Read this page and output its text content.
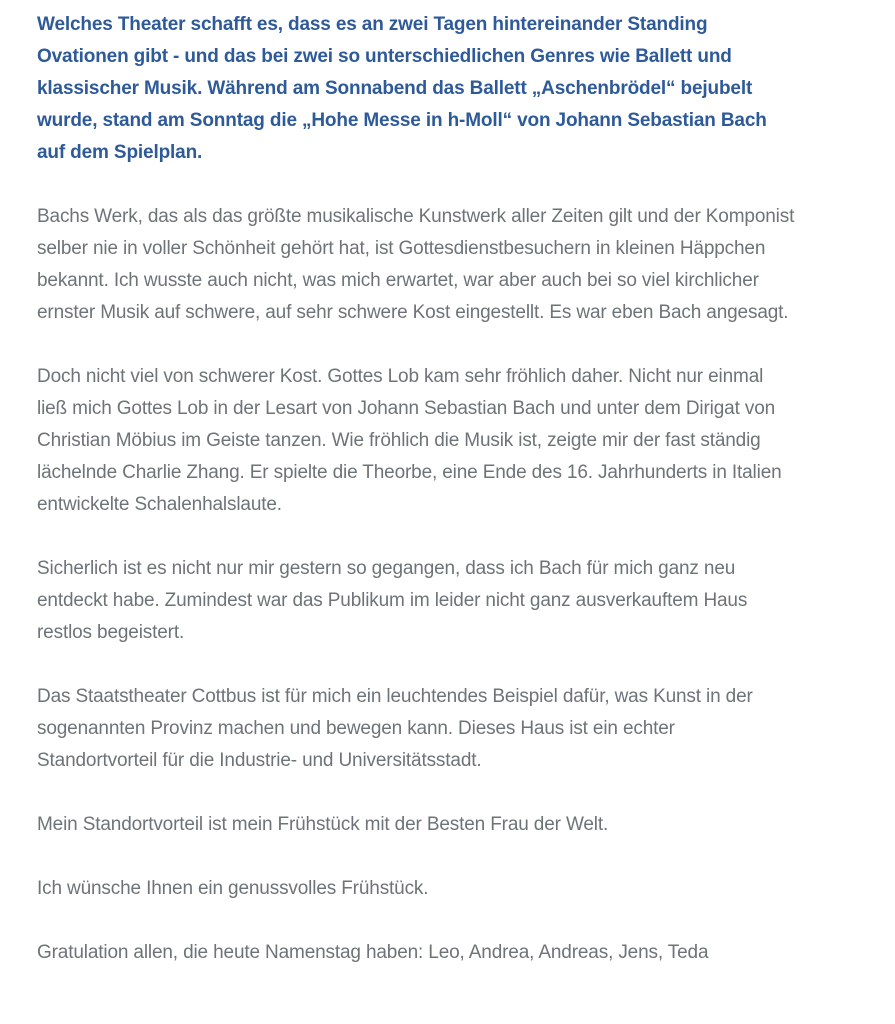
Welches Theater schafft es, dass es an zwei Tagen hintereinander Standing Ovationen gibt - und das bei zwei so unterschiedlichen Genres wie Ballett und klassischer Musik. Während am Sonnabend das Ballett „Aschenbrödel“ bejubelt wurde, stand am Sonntag die „Hohe Messe in h-Moll“ von Johann Sebastian Bach auf dem Spielplan.

Bachs Werk, das als das größte musikalische Kunstwerk aller Zeiten gilt und der Komponist selber nie in voller Schönheit gehört hat, ist Gottesdienstbesuchern in kleinen Häppchen bekannt. Ich wusste auch nicht, was mich erwartet, war aber auch bei so viel kirchlicher ernster Musik auf schwere, auf sehr schwere Kost eingestellt. Es war eben Bach angesagt.

Doch nicht viel von schwerer Kost. Gottes Lob kam sehr fröhlich daher. Nicht nur einmal ließ mich Gottes Lob in der Lesart von Johann Sebastian Bach und unter dem Dirigat von Christian Möbius im Geiste tanzen. Wie fröhlich die Musik ist, zeigte mir der fast ständig lächelnde Charlie Zhang. Er spielte die Theorbe, eine Ende des 16. Jahrhunderts in Italien entwickelte Schalenhalslaute.

Sicherlich ist es nicht nur mir gestern so gegangen, dass ich Bach für mich ganz neu entdeckt habe. Zumindest war das Publikum im leider nicht ganz ausverkauftem Haus restlos begeistert.

Das Staatstheater Cottbus ist für mich ein leuchtendes Beispiel dafür, was Kunst in der sogenannten Provinz machen und bewegen kann. Dieses Haus ist ein echter Standortvorteil für die Industrie- und Universitätsstadt.

Mein Standortvorteil ist mein Frühstück mit der Besten Frau der Welt.

Ich wünsche Ihnen ein genussvolles Frühstück.

Gratulation allen, die heute Namenstag haben: Leo, Andrea, Andreas, Jens, Teda
